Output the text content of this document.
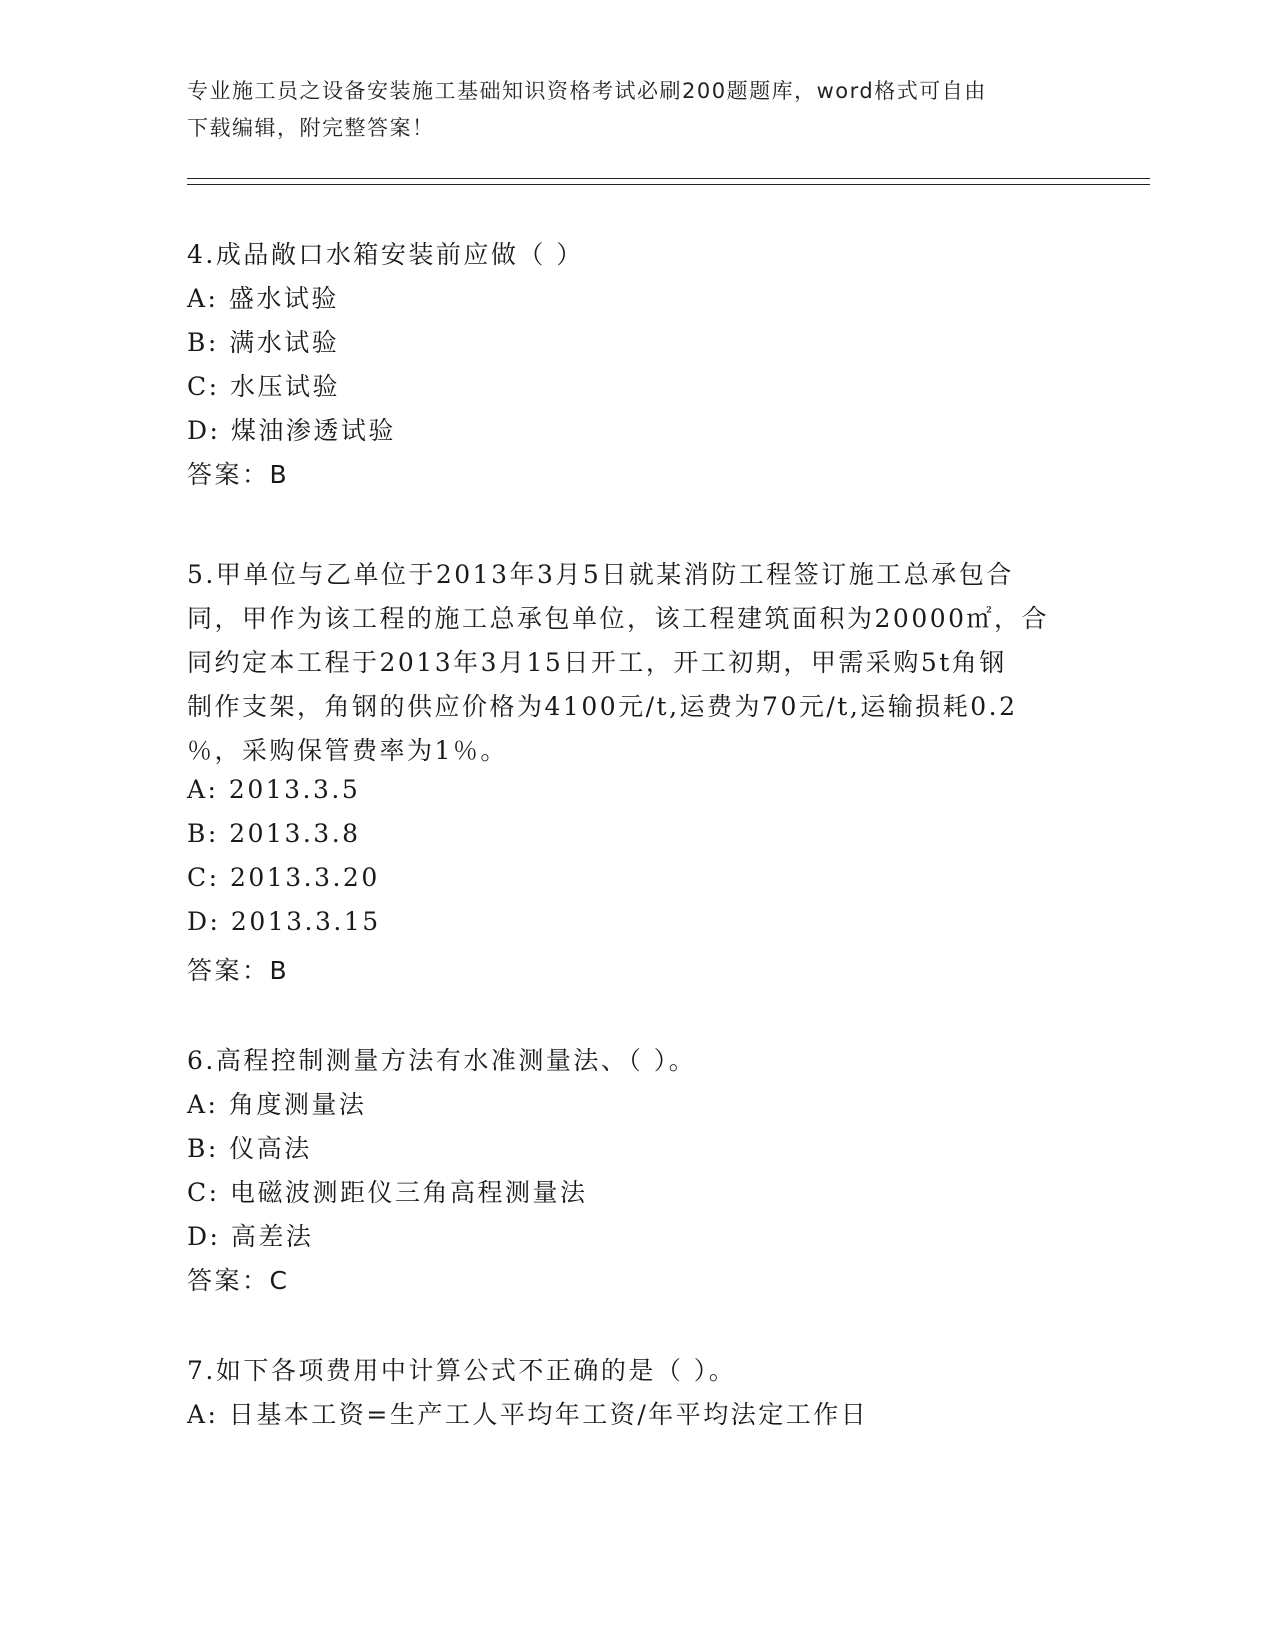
专业施工员之设备安装施工基础知识资格考试必刷200题题库，word格式可自由
下载编辑，附完整答案！
4.成品敞口水箱安装前应做（ ）
A: 盛水试验
B: 满水试验
C: 水压试验
D: 煤油渗透试验
答案：B
5.甲单位与乙单位于2013年3月5日就某消防工程签订施工总承包合
同，甲作为该工程的施工总承包单位，该工程建筑面积为20000㎡，合
同约定本工程于2013年3月15日开工，开工初期，甲需采购5t角钢
制作支架，角钢的供应价格为4100元/t,运费为70元/t,运输损耗0.2
％，采购保管费率为1％。
A: 2013.3.5
B: 2013.3.8
C: 2013.3.20
D: 2013.3.15
答案：B
6.高程控制测量方法有水准测量法、（ ）。
A: 角度测量法
B: 仪高法
C: 电磁波测距仪三角高程测量法
D: 高差法
答案：C
7.如下各项费用中计算公式不正确的是（ ）。
A: 日基本工资=生产工人平均年工资/年平均法定工作日
